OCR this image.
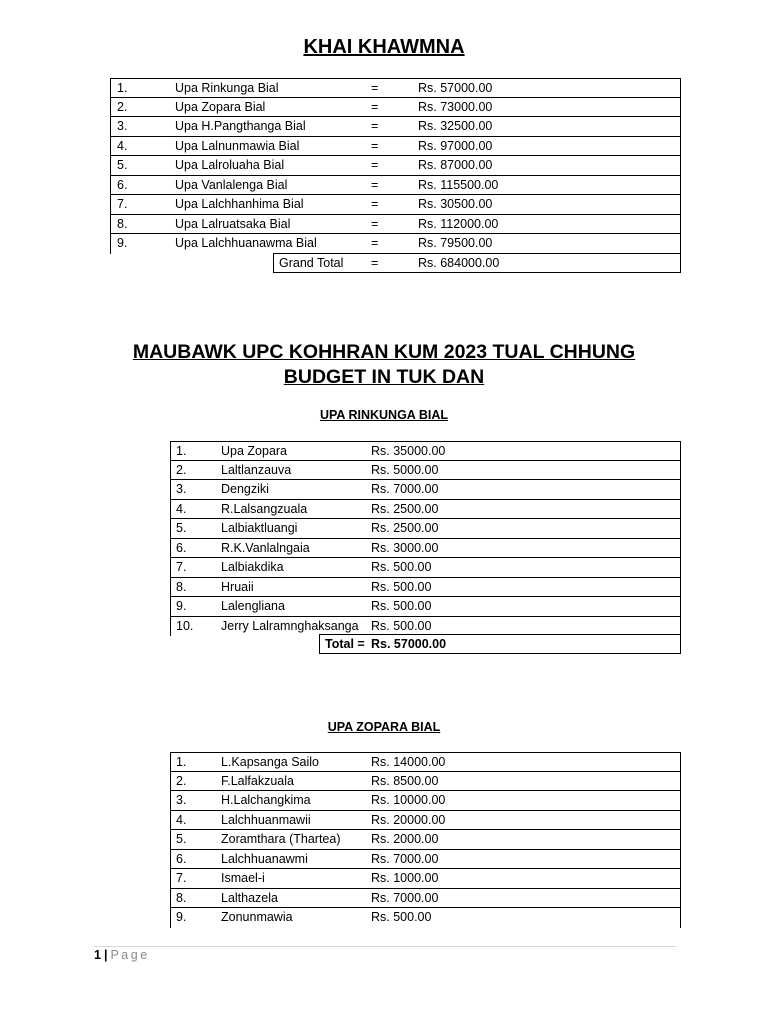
KHAI KHAWMNA
1.	Upa Rinkunga Bial	=	Rs. 57000.00
2.	Upa Zopara Bial	=	Rs. 73000.00
3.	Upa H.Pangthanga Bial	=	Rs. 32500.00
4.	Upa Lalnunmawia Bial	=	Rs. 97000.00
5.	Upa Lalroluaha Bial	=	Rs. 87000.00
6.	Upa Vanlalenga Bial	=	Rs. 115500.00
7.	Upa Lalchhanhima Bial	=	Rs. 30500.00
8.	Upa Lalruatsaka Bial	=	Rs. 112000.00
9.	Upa Lalchhuanawma Bial	=	Rs. 79500.00
Grand Total =	Rs. 684000.00
MAUBAWK UPC KOHHRAN KUM 2023 TUAL CHHUNG
BUDGET IN TUK DAN
UPA RINKUNGA BIAL
1.	Upa Zopara	Rs. 35000.00
2.	Laltlanzauva	Rs. 5000.00
3.	Dengziki	Rs. 7000.00
4.	R.Lalsangzuala	Rs. 2500.00
5.	Lalbiaktluangi	Rs. 2500.00
6.	R.K.Vanlalngaia	Rs. 3000.00
7.	Lalbiakdika	Rs. 500.00
8.	Hruaii	Rs. 500.00
9.	Lalengliana	Rs. 500.00
10. Jerry Lalramnghaksanga Rs. 500.00
Total = Rs. 57000.00
UPA ZOPARA BIAL
1.	L.Kapsanga Sailo	Rs. 14000.00
2.	F.Lalfakzuala	Rs. 8500.00
3.	H.Lalchangkima	Rs. 10000.00
4.	Lalchhuanmawii	Rs. 20000.00
5.	Zoramthara (Thartea) Rs. 2000.00
6.	Lalchhuanawmi	Rs. 7000.00
7.	Ismael-i	Rs. 1000.00
8.	Lalthazela	Rs. 7000.00
9.	Zonunmawia	Rs. 500.00
1 | Page
